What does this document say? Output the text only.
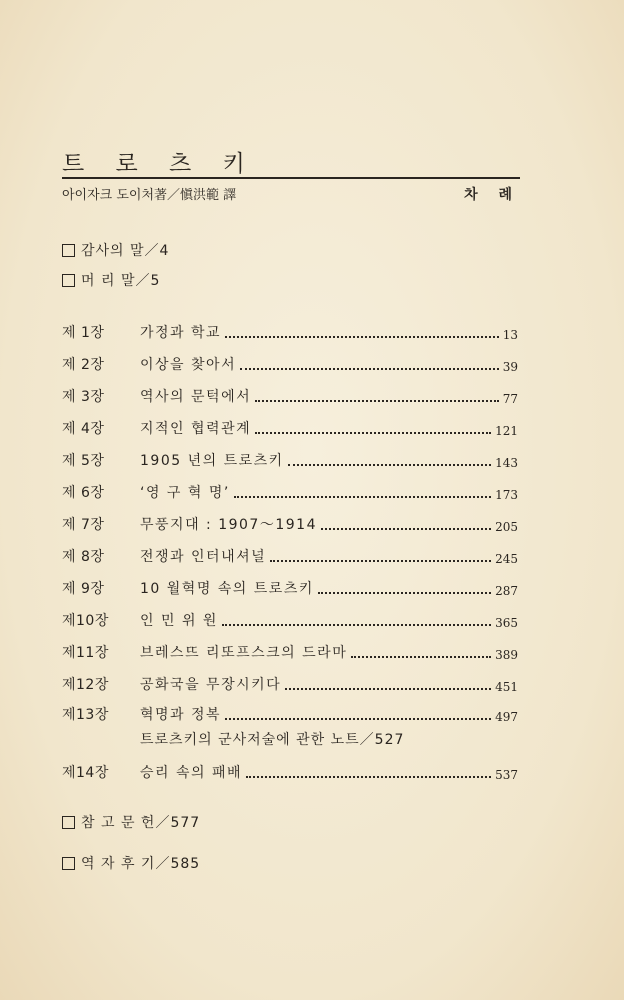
트 로 츠 키
아이자크 도이처著／愼洪範 譯	차 례
감사의 말／4
머 리 말／5
제 1장	가정과 학교	13
제 2장	이상을 찾아서	39
제 3장	역사의 문턱에서	77
제 4장	지적인 협력관계	121
제 5장	1905 년의 트로츠키	143
제 6장	‘영 구 혁 명’	173
제 7장	무풍지대 : 1907～1914	205
제 8장	전쟁과 인터내셔널	245
제 9장	10 월혁명 속의 트로츠키	287
제10장	인 민 위 원	365
제11장	브레스뜨 리또프스크의 드라마	389
제12장	공화국을 무장시키다	451
제13장	혁명과 정복	497
트로츠키의 군사저술에 관한 노트／527
제14장	승리 속의 패배	537
참 고 문 헌／577
역 자 후 기／585
